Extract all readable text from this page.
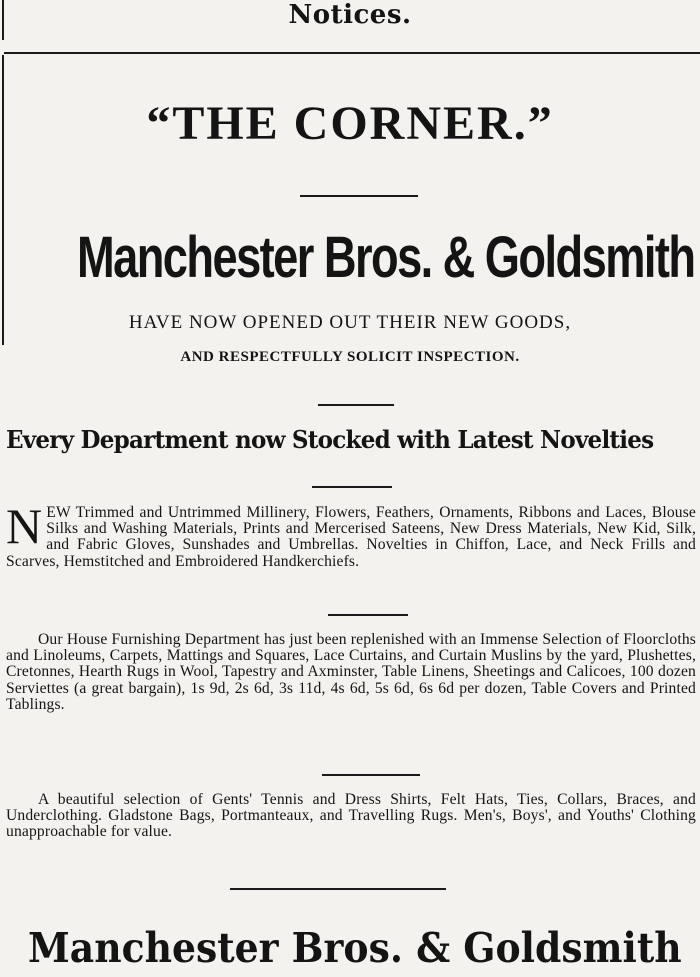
Notices.
“THE CORNER.”
Manchester Bros. & Goldsmith
HAVE NOW OPENED OUT THEIR NEW GOODS,
AND RESPECTFULLY SOLICIT INSPECTION.
Every Department now Stocked with Latest Novelties

NEW Trimmed and Untrimmed Millinery, Flowers, Feathers, Ornaments, Ribbons and Laces, Blouse Silks and Washing Materials, Prints and Mercerised Sateens, New Dress Materials, New Kid, Silk, and Fabric Gloves, Sunshades and Umbrellas. Novelties in Chiffon, Lace, and Neck Frills and Scarves, Hemstitched and Embroidered Handkerchiefs.

Our House Furnishing Department has just been replenished with an Immense Selection of Floorcloths and Linoleums, Carpets, Mattings and Squares, Lace Curtains, and Curtain Muslins by the yard, Plushettes, Cretonnes, Hearth Rugs in Wool, Tapestry and Axminster, Table Linens, Sheetings and Calicoes, 100 dozen Serviettes (a great bargain), 1s 9d, 2s 6d, 3s 11d, 4s 6d, 5s 6d, 6s 6d per dozen, Table Covers and Printed Tablings.

A beautiful selection of Gents' Tennis and Dress Shirts, Felt Hats, Ties, Collars, Braces, and Underclothing. Gladstone Bags, Portmanteaux, and Travelling Rugs. Men's, Boys', and Youths' Clothing unapproachable for value.

Manchester Bros. & Goldsmith
